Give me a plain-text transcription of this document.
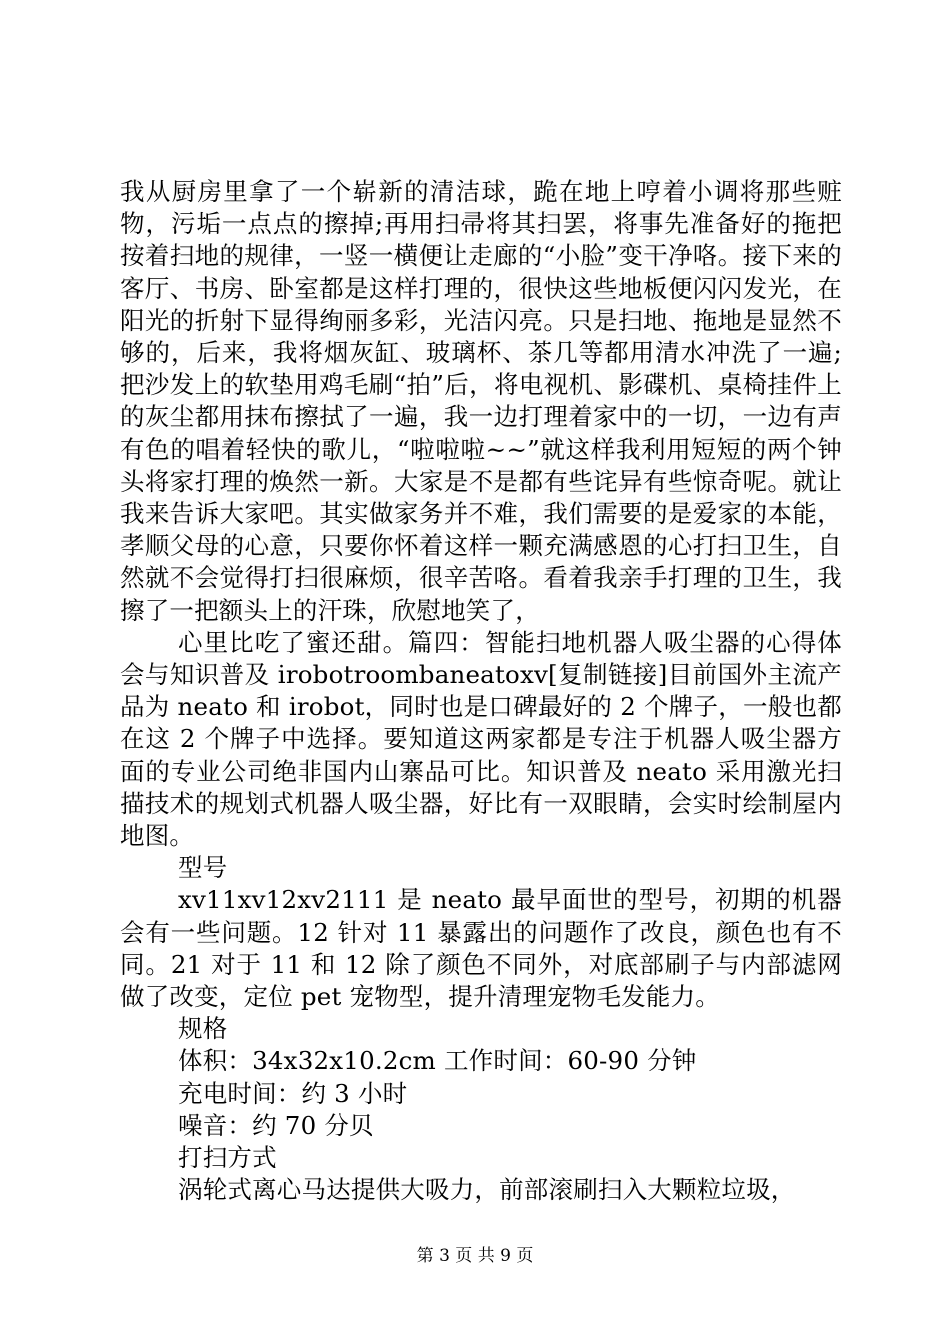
我从厨房里拿了一个崭新的清洁球，跪在地上哼着小调将那些赃物，污垢一点点的擦掉;再用扫帚将其扫罢，将事先准备好的拖把按着扫地的规律，一竖一横便让走廊的“小脸”变干净咯。接下来的客厅、书房、卧室都是这样打理的，很快这些地板便闪闪发光，在阳光的折射下显得绚丽多彩，光洁闪亮。只是扫地、拖地是显然不够的，后来，我将烟灰缸、玻璃杯、茶几等都用清水冲洗了一遍;把沙发上的软垫用鸡毛刷“拍”后，将电视机、影碟机、桌椅挂件上的灰尘都用抹布擦拭了一遍，我一边打理着家中的一切，一边有声有色的唱着轻快的歌儿，“啦啦啦~~”就这样我利用短短的两个钟头将家打理的焕然一新。大家是不是都有些诧异有些惊奇呢。就让我来告诉大家吧。其实做家务并不难，我们需要的是爱家的本能，孝顺父母的心意，只要你怀着这样一颗充满感恩的心打扫卫生，自然就不会觉得打扫很麻烦，很辛苦咯。看着我亲手打理的卫生，我擦了一把额头上的汗珠，欣慰地笑了，

心里比吃了蜜还甜。篇四：智能扫地机器人吸尘器的心得体会与知识普及 irobotroombaneatoxv[复制链接]目前国外主流产品为 neato 和 irobot，同时也是口碑最好的 2 个牌子，一般也都在这 2 个牌子中选择。要知道这两家都是专注于机器人吸尘器方面的专业公司绝非国内山寨品可比。知识普及 neato 采用激光扫描技术的规划式机器人吸尘器，好比有一双眼睛，会实时绘制屋内地图。

型号

xv11xv12xv2111 是 neato 最早面世的型号，初期的机器会有一些问题。12 针对 11 暴露出的问题作了改良，颜色也有不同。21 对于 11 和 12 除了颜色不同外，对底部刷子与内部滤网做了改变，定位 pet 宠物型，提升清理宠物毛发能力。

规格

体积：34x32x10.2cm 工作时间：60-90 分钟

充电时间：约 3 小时

噪音：约 70 分贝

打扫方式

涡轮式离心马达提供大吸力，前部滚刷扫入大颗粒垃圾，

第 3 页 共 9 页
